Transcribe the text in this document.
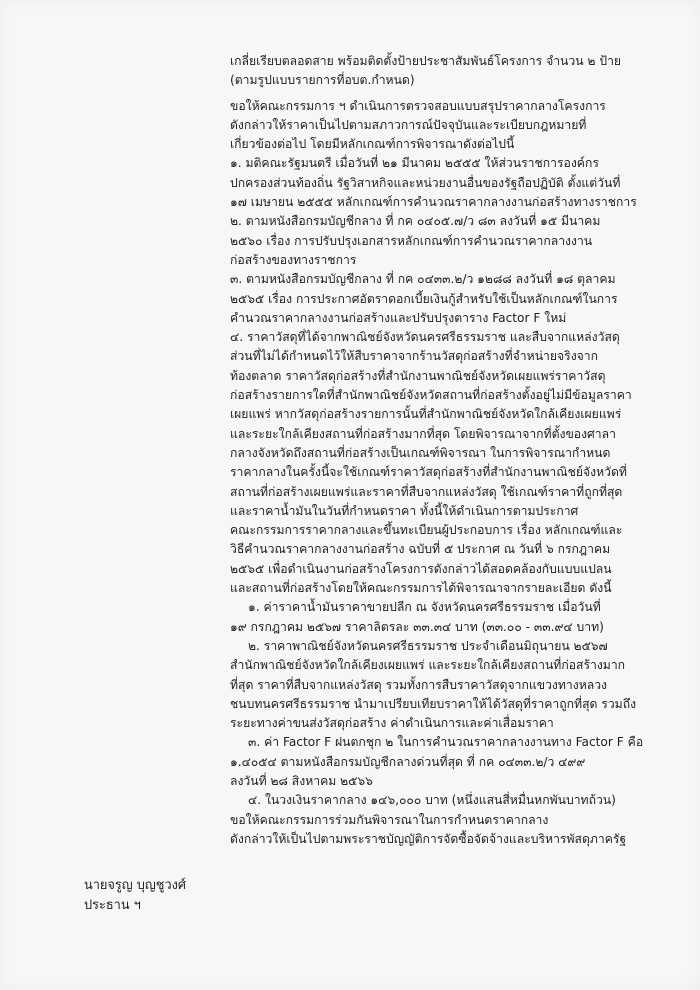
เกลี่ยเรียบตลอดสาย พร้อมติดตั้งป้ายประชาสัมพันธ์โครงการ จำนวน ๒ ป้าย

(ตามรูปแบบรายการที่อบต.กำหนด)

ขอให้คณะกรรมการ ฯ ดำเนินการตรวจสอบแบบสรุปราคากลางโครงการ

ดังกล่าวให้ราคาเป็นไปตามสภาวการณ์ปัจจุบันและระเบียบกฎหมายที่

เกี่ยวข้องต่อไป โดยมีหลักเกณฑ์การพิจารณาดังต่อไปนี้

๑. มติคณะรัฐมนตรี เมื่อวันที่ ๒๑ มีนาคม ๒๕๕๕ ให้ส่วนราชการองค์กร

ปกครองส่วนท้องถิ่น รัฐวิสาหกิจและหน่วยงานอื่นของรัฐถือปฏิบัติ ตั้งแต่วันที่

๑๗ เมษายน ๒๕๕๕ หลักเกณฑ์การคำนวณราคากลางงานก่อสร้างทางราชการ

๒. ตามหนังสือกรมบัญชีกลาง ที่ กค ๐๔๐๕.๗/ว ๘๓ ลงวันที่ ๑๕ มีนาคม

๒๕๖๐ เรื่อง การปรับปรุงเอกสารหลักเกณฑ์การคำนวณราคากลางงาน

ก่อสร้างของทางราชการ

๓. ตามหนังสือกรมบัญชีกลาง ที่ กค ๐๔๓๓.๒/ว ๑๒๘๘ ลงวันที่ ๑๘ ตุลาคม

๒๕๖๕ เรื่อง การประกาศอัตราดอกเบี้ยเงินกู้สำหรับใช้เป็นหลักเกณฑ์ในการ

คำนวณราคากลางงานก่อสร้างและปรับปรุงตาราง Factor F ใหม่

๔. ราคาวัสดุที่ได้จากพาณิชย์จังหวัดนครศรีธรรมราช และสืบจากแหล่งวัสดุ

ส่วนที่ไม่ได้กำหนดไว้ให้สืบราคาจากร้านวัสดุก่อสร้างที่จำหน่ายจริงจาก

ท้องตลาด ราคาวัสดุก่อสร้างที่สำนักงานพาณิชย์จังหวัดเผยแพร่ราคาวัสดุ

ก่อสร้างรายการใดที่สำนักพาณิชย์จังหวัดสถานที่ก่อสร้างตั้งอยู่ไม่มีข้อมูลราคา

เผยแพร่ หากวัสดุก่อสร้างรายการนั้นที่สำนักพาณิชย์จังหวัดใกล้เคียงเผยแพร่

และระยะใกล้เคียงสถานที่ก่อสร้างมากที่สุด โดยพิจารณาจากที่ตั้งของศาลา

กลางจังหวัดถึงสถานที่ก่อสร้างเป็นเกณฑ์พิจารณา ในการพิจารณากำหนด

ราคากลางในครั้งนี้จะใช้เกณฑ์ราคาวัสดุก่อสร้างที่สำนักงานพาณิชย์จังหวัดที่

สถานที่ก่อสร้างเผยแพร่และราคาที่สืบจากแหล่งวัสดุ ใช้เกณฑ์ราคาที่ถูกที่สุด

และราคาน้ำมันในวันที่กำหนดราคา ทั้งนี้ให้ดำเนินการตามประกาศ

คณะกรรมการราคากลางและขึ้นทะเบียนผู้ประกอบการ เรื่อง หลักเกณฑ์และ

วิธีคำนวณราคากลางงานก่อสร้าง ฉบับที่ ๕ ประกาศ ณ วันที่ ๖ กรกฎาคม

๒๕๖๕ เพื่อดำเนินงานก่อสร้างโครงการดังกล่าวได้สอดคล้องกับแบบแปลน

และสถานที่ก่อสร้างโดยให้คณะกรรมการได้พิจารณาจากรายละเอียด ดังนี้

๑. ค่าราคาน้ำมันราคาขายปลีก ณ จังหวัดนครศรีธรรมราช เมื่อวันที่

๑๙ กรกฎาคม ๒๕๖๗ ราคาลิตรละ ๓๓.๓๔ บาท (๓๓.๐๐ - ๓๓.๙๔ บาท)

๒. ราคาพาณิชย์จังหวัดนครศรีธรรมราช ประจำเดือนมิถุนายน ๒๕๖๗

สำนักพาณิชย์จังหวัดใกล้เคียงเผยแพร่ และระยะใกล้เคียงสถานที่ก่อสร้างมาก

ที่สุด ราคาที่สืบจากแหล่งวัสดุ รวมทั้งการสืบราคาวัสดุจากแขวงทางหลวง

ชนบทนครศรีธรรมราช นำมาเปรียบเทียบราคาให้ได้วัสดุที่ราคาถูกที่สุด รวมถึง

ระยะทางค่าขนส่งวัสดุก่อสร้าง ค่าดำเนินการและค่าเสื่อมราคา

๓. ค่า Factor F ฝนตกชุก ๒ ในการคำนวณราคากลางงานทาง Factor F คือ

๑.๔๐๕๔ ตามหนังสือกรมบัญชีกลางด่วนที่สุด ที่ กค ๐๔๓๓.๒/ว ๔๙๙

ลงวันที่ ๒๘ สิงหาคม ๒๕๖๖

๔. ในวงเงินราคากลาง ๑๔๖,๐๐๐ บาท (หนึ่งแสนสี่หมื่นหกพันบาทถ้วน)

ขอให้คณะกรรมการร่วมกันพิจารณาในการกำหนดราคากลาง

ดังกล่าวให้เป็นไปตามพระราชบัญญัติการจัดซื้อจัดจ้างและบริหารพัสดุภาครัฐ

นายจรูญ บุญชูวงศ์

ประธาน ฯ
